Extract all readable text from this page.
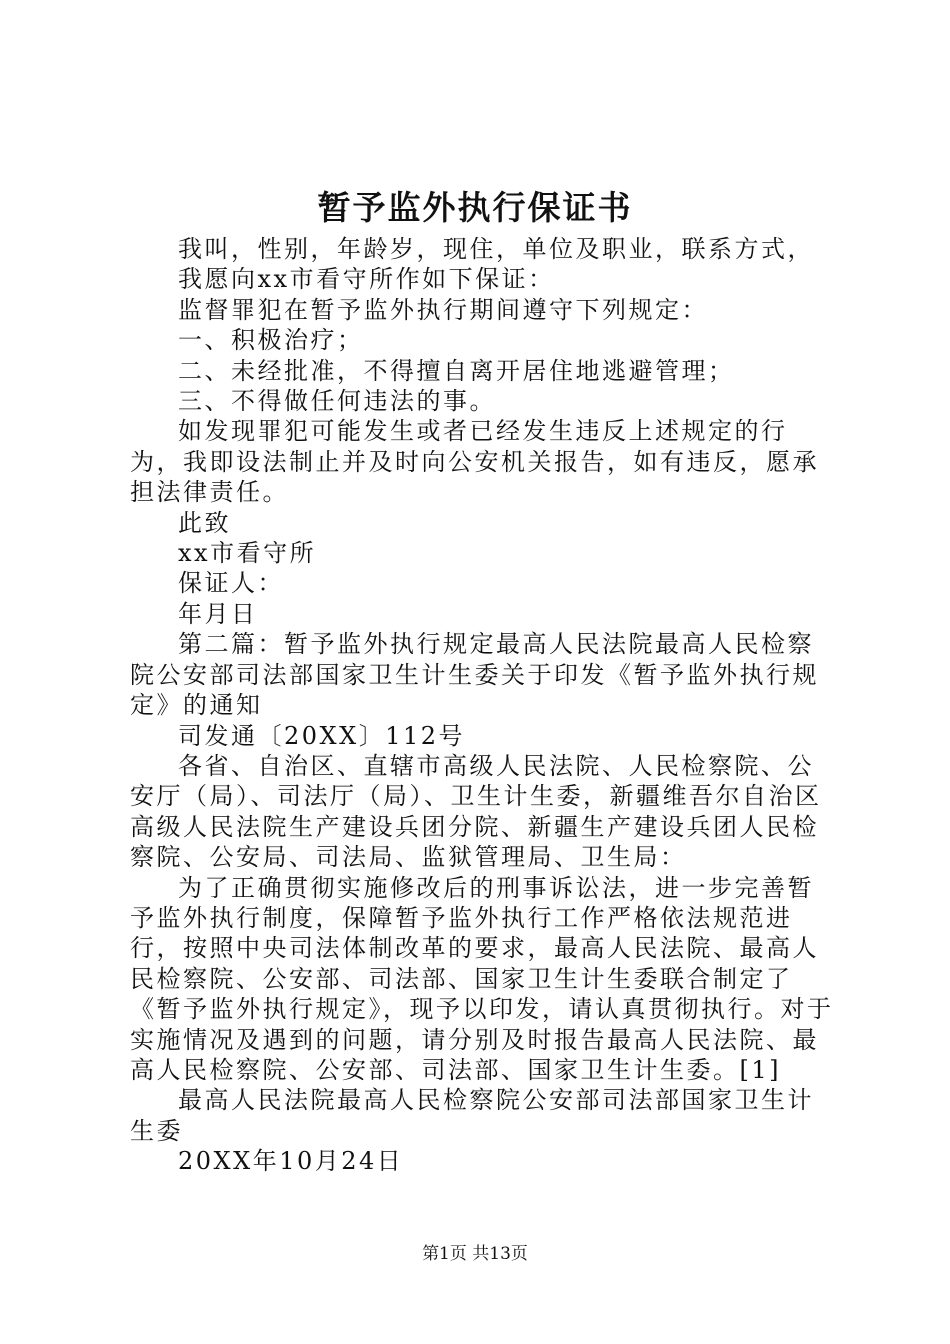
暂予监外执行保证书

我叫，性别，年龄岁，现住，单位及职业，联系方式，

我愿向xx市看守所作如下保证：

监督罪犯在暂予监外执行期间遵守下列规定：

一、积极治疗；

二、未经批准，不得擅自离开居住地逃避管理；

三、不得做任何违法的事。

如发现罪犯可能发生或者已经发生违反上述规定的行为，我即设法制止并及时向公安机关报告，如有违反，愿承担法律责任。

此致

xx市看守所

保证人：

年月日

第二篇：暂予监外执行规定最高人民法院最高人民检察院公安部司法部国家卫生计生委关于印发《暂予监外执行规定》的通知

司发通〔20XX〕112号

各省、自治区、直辖市高级人民法院、人民检察院、公安厅（局）、司法厅（局）、卫生计生委，新疆维吾尔自治区高级人民法院生产建设兵团分院、新疆生产建设兵团人民检察院、公安局、司法局、监狱管理局、卫生局：

为了正确贯彻实施修改后的刑事诉讼法，进一步完善暂予监外执行制度，保障暂予监外执行工作严格依法规范进行，按照中央司法体制改革的要求，最高人民法院、最高人民检察院、公安部、司法部、国家卫生计生委联合制定了《暂予监外执行规定》，现予以印发，请认真贯彻执行。对于实施情况及遇到的问题，请分别及时报告最高人民法院、最高人民检察院、公安部、司法部、国家卫生计生委。[1]

最高人民法院最高人民检察院公安部司法部国家卫生计生委

20XX年10月24日

第1页 共13页
